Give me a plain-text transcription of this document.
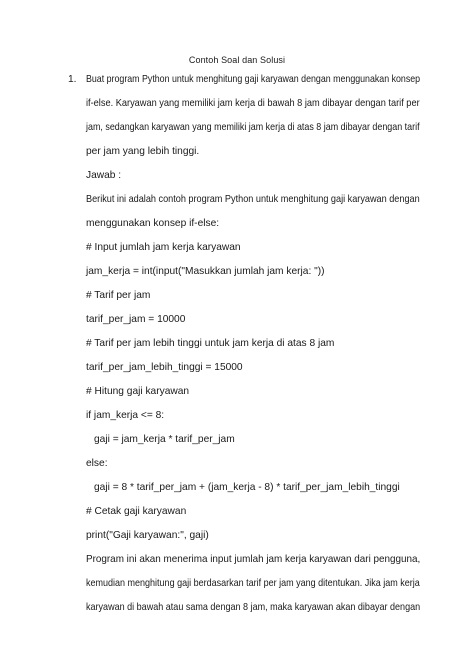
Contoh Soal dan Solusi
1. Buat program Python untuk menghitung gaji karyawan dengan menggunakan konsep
if-else. Karyawan yang memiliki jam kerja di bawah 8 jam dibayar dengan tarif per
jam, sedangkan karyawan yang memiliki jam kerja di atas 8 jam dibayar dengan tarif
per jam yang lebih tinggi.
Jawab :
Berikut ini adalah contoh program Python untuk menghitung gaji karyawan dengan
menggunakan konsep if-else:
# Input jumlah jam kerja karyawan
jam_kerja = int(input("Masukkan jumlah jam kerja: "))
# Tarif per jam
tarif_per_jam = 10000
# Tarif per jam lebih tinggi untuk jam kerja di atas 8 jam
tarif_per_jam_lebih_tinggi = 15000
# Hitung gaji karyawan
if jam_kerja <= 8:
gaji = jam_kerja * tarif_per_jam
else:
gaji = 8 * tarif_per_jam + (jam_kerja - 8) * tarif_per_jam_lebih_tinggi
# Cetak gaji karyawan
print("Gaji karyawan:", gaji)
Program ini akan menerima input jumlah jam kerja karyawan dari pengguna,
kemudian menghitung gaji berdasarkan tarif per jam yang ditentukan. Jika jam kerja
karyawan di bawah atau sama dengan 8 jam, maka karyawan akan dibayar dengan
